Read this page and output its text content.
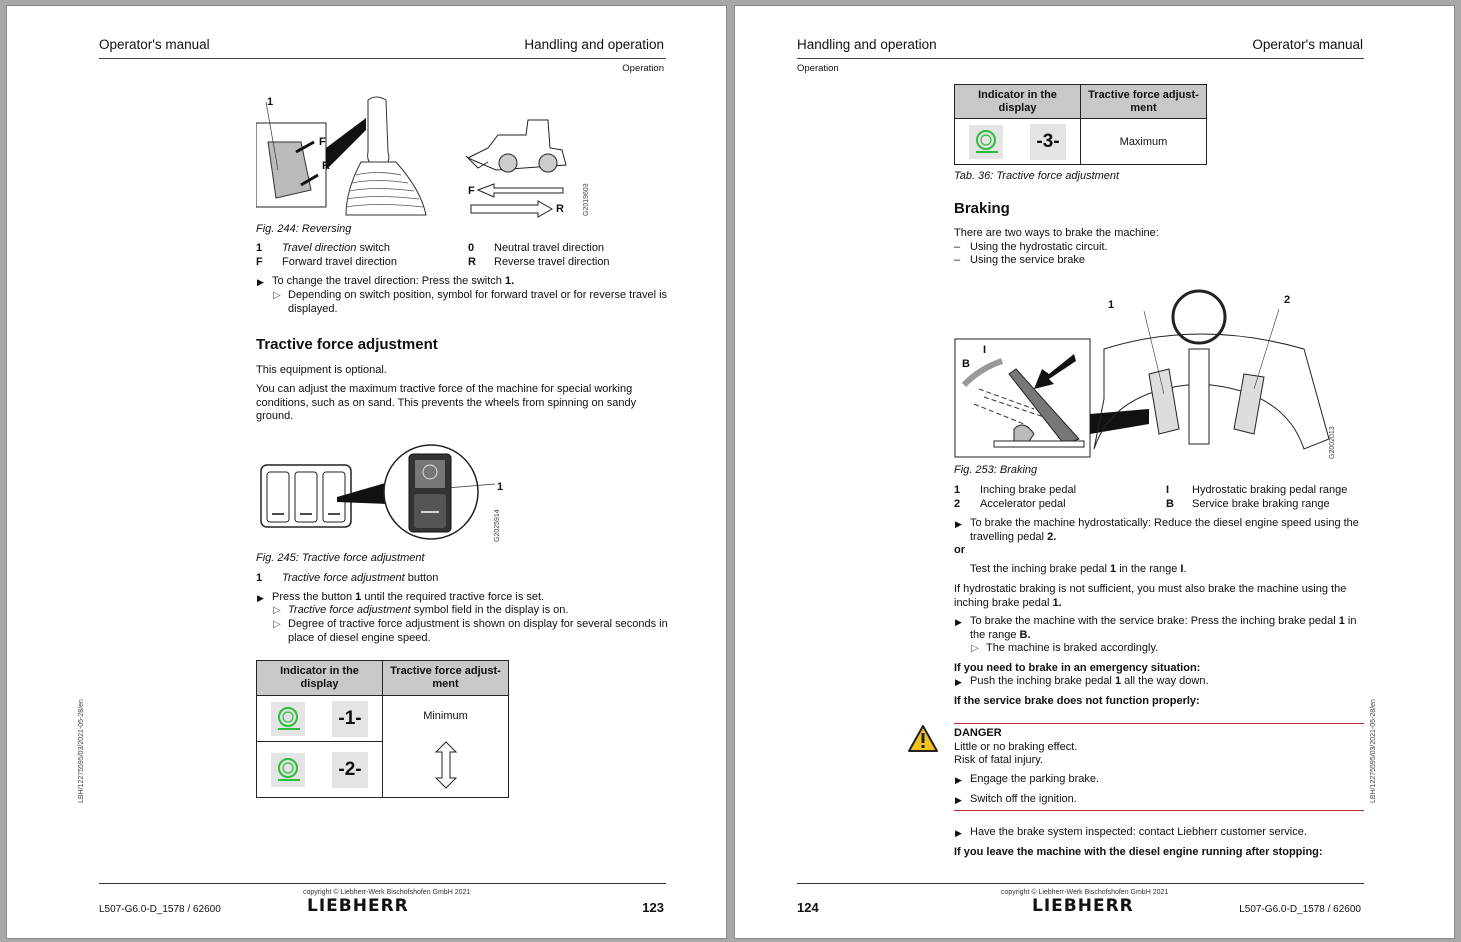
Operator's manual	Handling and operation
Operation
1
F
R
F
R	G2019603
Fig. 244: Reversing
1 Travel direction switch	0 Neutral travel direction
F Forward travel direction	R Reverse travel direction
▶ To change the travel direction: Press the switch 1.
▷ Depending on switch position, symbol for forward travel or for reverse travel is displayed.
Tractive force adjustment
This equipment is optional.
You can adjust the maximum tractive force of the machine for special working conditions, such as on sand. This prevents the wheels from spinning on sandy ground.
1
G2025914
Fig. 245: Tractive force adjustment
1 Tractive force adjustment button
▶ Press the button 1 until the required tractive force is set.
▷ Tractive force adjustment symbol field in the display is on.
▷ Degree of tractive force adjustment is shown on display for several seconds in place of diesel engine speed.
Indicator in the display	Tractive force adjust-ment

-1-	Minimum

-2-	
LBH/12275595/03/2021-05-28/en
copyright © Liebherr-Werk Bischofshofen GmbH 2021
LIEBHERR
L507-G6.0-D_1578 / 62600	123
Handling and operation	Operator's manual
Operation
Indicator in the display	Tractive force adjust-ment

-3-	Maximum
Tab. 36: Tractive force adjustment
Braking
There are two ways to brake the machine:
– Using the hydrostatic circuit.
– Using the service brake
1	2
I
B
G2002013
Fig. 253: Braking
1 Inching brake pedal	I Hydrostatic braking pedal range
2 Accelerator pedal	B Service brake braking range
▶ To brake the machine hydrostatically: Reduce the diesel engine speed using the travelling pedal 2.
or
Test the inching brake pedal 1 in the range I.
If hydrostatic braking is not sufficient, you must also brake the machine using the inching brake pedal 1.
▶ To brake the machine with the service brake: Press the inching brake pedal 1 in the range B.
▷ The machine is braked accordingly.
If you need to brake in an emergency situation:
▶ Push the inching brake pedal 1 all the way down.
If the service brake does not function properly:
DANGER
Little or no braking effect.
Risk of fatal injury.
▶ Engage the parking brake.
▶ Switch off the ignition.
▶ Have the brake system inspected: contact Liebherr customer service.
If you leave the machine with the diesel engine running after stopping:
LBH/12275595/03/2021-05-28/en
copyright © Liebherr-Werk Bischofshofen GmbH 2021
LIEBHERR
124	L507-G6.0-D_1578 / 62600
